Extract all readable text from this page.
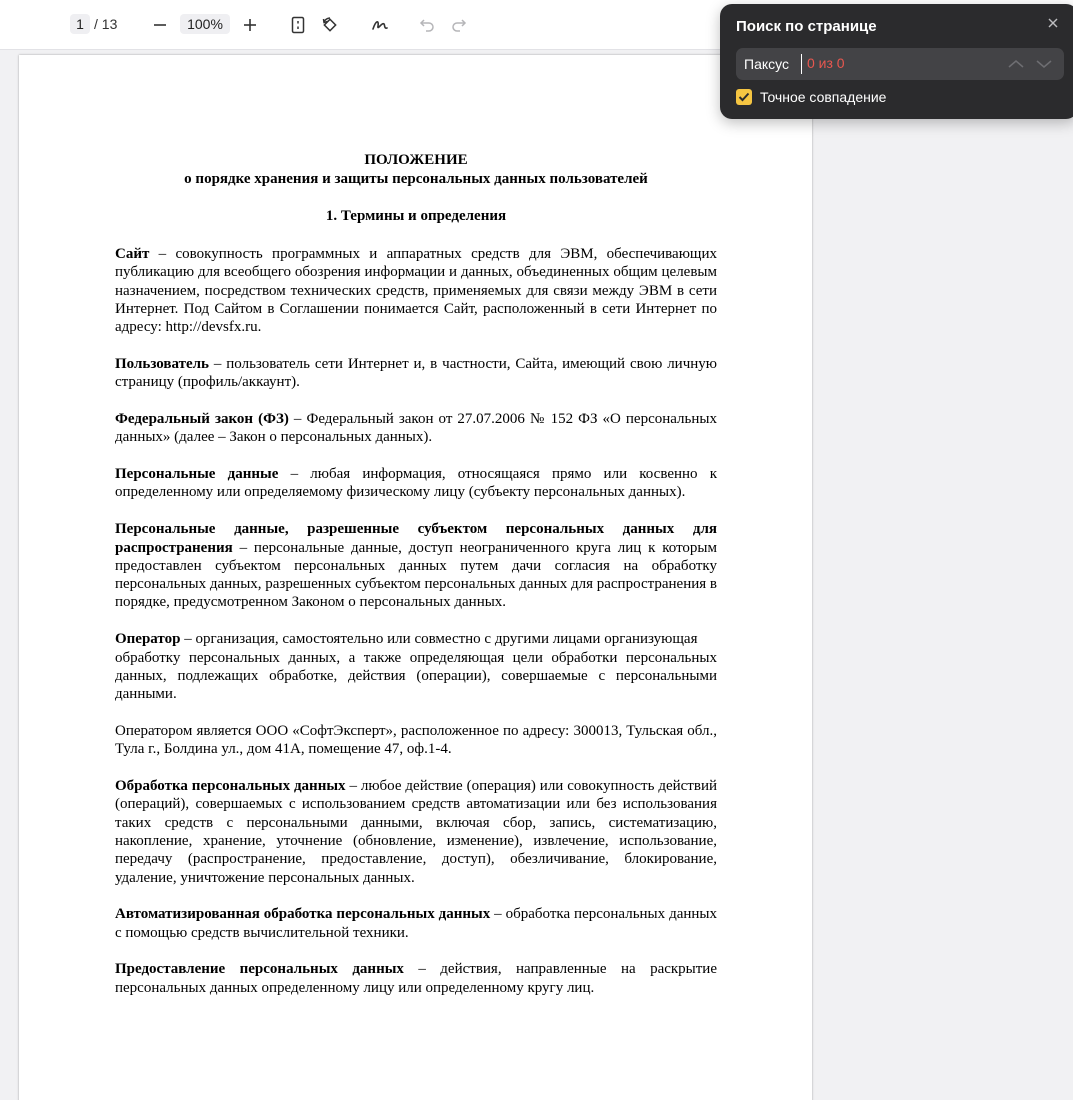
1 / 13	100%
ПОЛОЖЕНИЕ
о порядке хранения и защиты персональных данных пользователей
1. Термины и определения

Сайт – совокупность программных и аппаратных средств для ЭВМ, обеспечивающих публикацию для всеобщего обозрения информации и данных, объединенных общим целевым назначением, посредством технических средств, применяемых для связи между ЭВМ в сети Интернет. Под Сайтом в Соглашении понимается Сайт, расположенный в сети Интернет по адресу: http://devsfx.ru.

Пользователь – пользователь сети Интернет и, в частности, Сайта, имеющий свою личную страницу (профиль/аккаунт).

Федеральный закон (ФЗ) – Федеральный закон от 27.07.2006 № 152 ФЗ «О персональных данных» (далее – Закон о персональных данных).

Персональные данные – любая информация, относящаяся прямо или косвенно к определенному или определяемому физическому лицу (субъекту персональных данных).

Персональные данные, разрешенные субъектом персональных данных для распространения – персональные данные, доступ неограниченного круга лиц к которым предоставлен субъектом персональных данных путем дачи согласия на обработку персональных данных, разрешенных субъектом персональных данных для распространения в порядке, предусмотренном Законом о персональных данных.

Оператор – организация, самостоятельно или совместно с другими лицами организующая

обработку персональных данных, а также определяющая цели обработки персональных данных, подлежащих обработке, действия (операции), совершаемые с персональными данными.

Оператором является ООО «СофтЭксперт», расположенное по адресу: 300013, Тульская обл., Тула г., Болдина ул., дом 41А, помещение 47, оф.1-4.

Обработка персональных данных – любое действие (операция) или совокупность действий (операций), совершаемых с использованием средств автоматизации или без использования таких средств с персональными данными, включая сбор, запись, систематизацию, накопление, хранение, уточнение (обновление, изменение), извлечение, использование, передачу (распространение, предоставление, доступ), обезличивание, блокирование, удаление, уничтожение персональных данных.

Автоматизированная обработка персональных данных – обработка персональных данных с помощью средств вычислительной техники.

Предоставление персональных данных – действия, направленные на раскрытие персональных данных определенному лицу или определенному кругу лиц.

Поиск по странице
Паксус
0 из 0
Точное совпадение
